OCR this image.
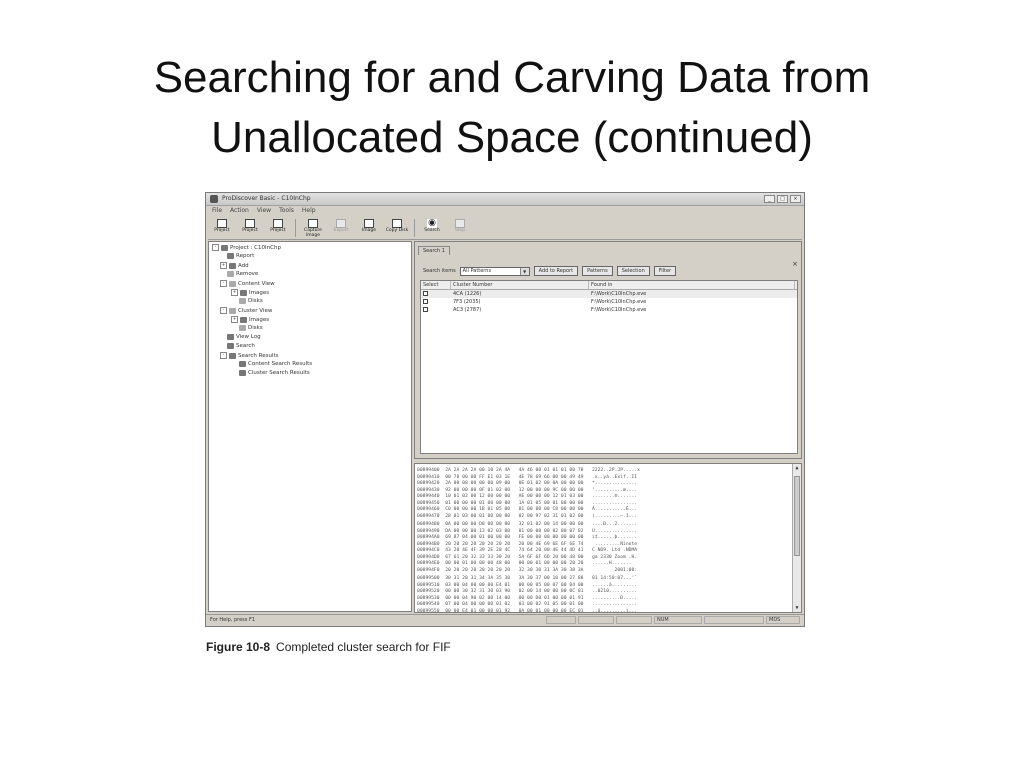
Searching for and Carving Data from
Unallocated Space (continued)
ProDiscover Basic - C10InChp	_	□	×
File Action View Tools Help
Project	Project	Project	Capture Image
Export	Image Copy Disk
◉
Search	Stop
-	Project : C10InChp
Report
+	Add
Remove
-	Content View
+	Images
Disks
-	Cluster View
+	Images
Disks
View Log
Search
-	Search Results
Content Search Results
Cluster Search Results
Search 1
×
Search items	All Patterns	▼	Add to Report	Patterns	Selection	Filter
Select	Cluster Number	Found in
4CA (1226)	F:\Work\C10InChp.eve
7F3 (2035)	F:\Work\C10InChp.eve
AC3 (2787)	F:\Work\C10InChp.eve
00899400  2A 2A 2A 2A 00 10 2A 4A   4A 46 00 01 01 01 00 78   2222..2P.JP.....x
00899410  00 78 00 00 FF E1 03 1E   4E 78 69 66 00 00 49 49   .x..yà..Exif..II
00899420  2A 00 08 00 00 00 09 00   0E 01 02 00 0A 00 00 00   *...............
00899430  92 00 00 00 0F 01 02 00   12 00 00 00 9C 00 00 00   ’..........œ....
00899440  10 01 02 00 12 00 00 00   AE 00 00 00 12 01 03 00   ........®.......
00899450  01 00 00 00 01 00 00 00   1A 01 05 00 01 00 00 00   ................
00899460  C0 00 00 00 1B 01 05 00   01 00 00 00 C8 00 00 00   À...........È...
00899470  28 01 03 00 01 00 00 00   02 00 97 02 31 01 02 00   (.........—.1...
00899480  0A 00 00 00 D0 00 00 00   32 01 02 00 14 00 00 00   ....Ð...2.......
00899490  DA 00 00 00 13 02 03 00   01 00 00 00 02 00 07 02   Ú...............
008994A0  69 87 04 00 01 00 00 00   FE 00 00 00 00 00 00 00   i‡......þ.......
008994B0  20 20 20 20 20 20 20 20   20 00 4E 69 6E 6F 6E 74    .........Ninote
008994C0  43 20 4E 4F 39 2E 20 4C   74 64 20 00 4E 44 4D 41   C NO9. Ltd .NDMA
008994D0  67 61 20 32 33 33 30 20   5A 6F 6F 6D 20 00 48 00   ga 2330 Zoom .H.
008994E0  00 00 01 00 00 00 48 00   00 00 01 00 00 00 20 20   ......H.......
008994F0  20 20 20 20 20 20 20 20   32 30 30 31 3A 30 38 3A           2001:08:
00899500  30 31 20 31 34 3A 35 30   3A 30 37 00 10 00 27 88   01 14:50:07...'ˆ
00899510  03 00 04 00 00 00 E4 01   00 00 05 00 07 00 04 00   ......ä.........
00899520  00 00 30 32 31 30 03 90   02 00 14 00 00 00 0C 01   ..0210..........
00899530  00 00 04 90 02 00 14 00   00 00 D0 01 00 00 01 91   ..........Ð.....
00899540  07 00 04 00 00 00 01 02   03 00 02 91 05 00 01 00   ................
00899550  00 00 E4 01 00 00 01 92   0A 00 01 00 00 00 EC 01   ..ä.........ì...
▲
▼
For Help, press F1	NUM	MDS
Figure 10-8 Completed cluster search for FIF
